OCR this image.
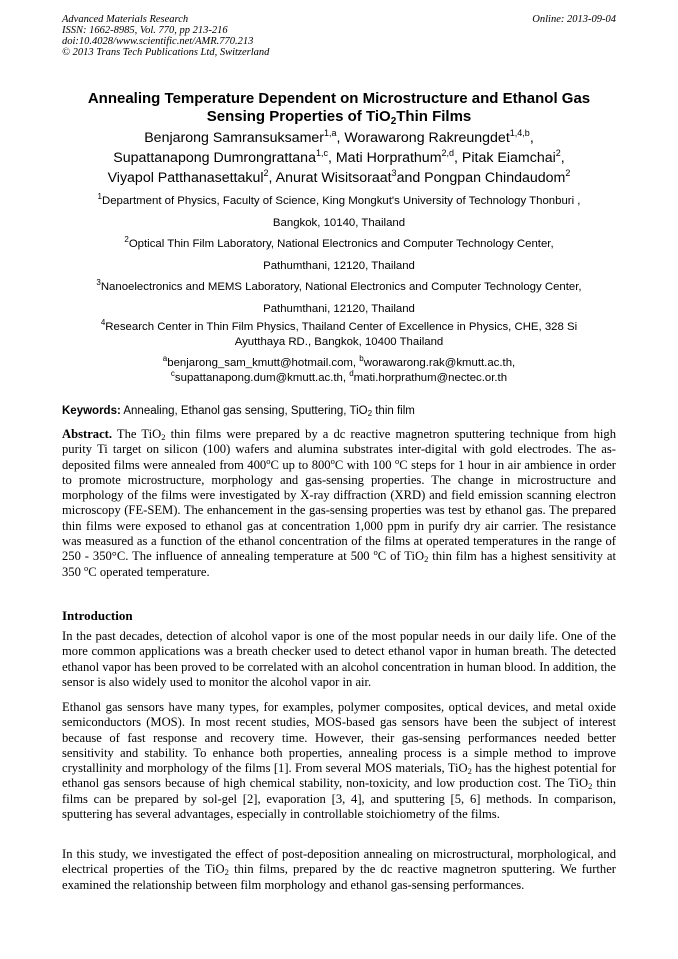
Advanced Materials Research
ISSN: 1662-8985, Vol. 770, pp 213-216
doi:10.4028/www.scientific.net/AMR.770.213
© 2013 Trans Tech Publications Ltd, Switzerland
Online: 2013-09-04
Annealing Temperature Dependent on Microstructure and Ethanol Gas
Sensing Properties of TiO$_2$Thin Films
Benjarong Samransuksamer$^{1,a}$, Worawarong Rakreungdet$^{1,4,b}$,
Supattanapong Dumrongrattana$^{1,c}$, Mati Horprathum$^{2,d}$, Pitak Eiamchai$^2$,
Viyapol Patthanasettakul$^2$, Anurat Wisitsoraat$^3$and Pongpan Chindaudom$^2$
$^1$Department of Physics, Faculty of Science, King Mongkut's University of Technology Thonburi ,
Bangkok, 10140, Thailand
$^2$Optical Thin Film Laboratory, National Electronics and Computer Technology Center,
Pathumthani, 12120, Thailand
$^3$Nanoelectronics and MEMS Laboratory, National Electronics and Computer Technology Center,
Pathumthani, 12120, Thailand
$^4$Research Center in Thin Film Physics, Thailand Center of Excellence in Physics, CHE, 328 Si
Ayutthaya RD., Bangkok, 10400 Thailand
$^a$benjarong_sam_kmutt@hotmail.com, $^b$worawarong.rak@kmutt.ac.th,
$^c$supattanapong.dum@kmutt.ac.th, $^d$mati.horprathum@nectec.or.th
Keywords: Annealing, Ethanol gas sensing, Sputtering, TiO$_2$ thin film
Abstract. The TiO$_2$ thin films were prepared by a dc reactive magnetron sputtering technique from high purity Ti target on silicon (100) wafers and alumina substrates inter-digital with gold electrodes. The as-deposited films were annealed from 400$^o$C up to 800$^o$C with 100 $^o$C steps for 1 hour in air ambience in order to promote microstructure, morphology and gas-sensing properties. The change in microstructure and morphology of the films were investigated by X-ray diffraction (XRD) and field emission scanning electron microscopy (FE-SEM). The enhancement in the gas-sensing properties was test by ethanol gas. The prepared thin films were exposed to ethanol gas at concentration 1,000 ppm in purify dry air carrier. The resistance was measured as a function of the ethanol concentration of the films at operated temperatures in the range of 250 - 350°C. The influence of annealing temperature at 500 $^o$C of TiO$_2$ thin film has a highest sensitivity at 350 $^o$C operated temperature.
Introduction
In the past decades, detection of alcohol vapor is one of the most popular needs in our daily life. One of the more common applications was a breath checker used to detect ethanol vapor in human breath. The detected ethanol vapor has been proved to be correlated with an alcohol concentration in human blood. In addition, the sensor is also widely used to monitor the alcohol vapor in air.
Ethanol gas sensors have many types, for examples, polymer composites, optical devices, and metal oxide semiconductors (MOS). In most recent studies, MOS-based gas sensors have been the subject of interest because of fast response and recovery time. However, their gas-sensing performances needed better sensitivity and stability. To enhance both properties, annealing process is a simple method to improve crystallinity and morphology of the films [1]. From several MOS materials, TiO$_2$ has the highest potential for ethanol gas sensors because of high chemical stability, non-toxicity, and low production cost. The TiO$_2$ thin films can be prepared by sol-gel [2], evaporation [3, 4], and sputtering [5, 6] methods. In comparison, sputtering has several advantages, especially in controllable stoichiometry of the films.
In this study, we investigated the effect of post-deposition annealing on microstructural, morphological, and electrical properties of the TiO$_2$ thin films, prepared by the dc reactive magnetron sputtering. We further examined the relationship between film morphology and ethanol gas-sensing performances.
